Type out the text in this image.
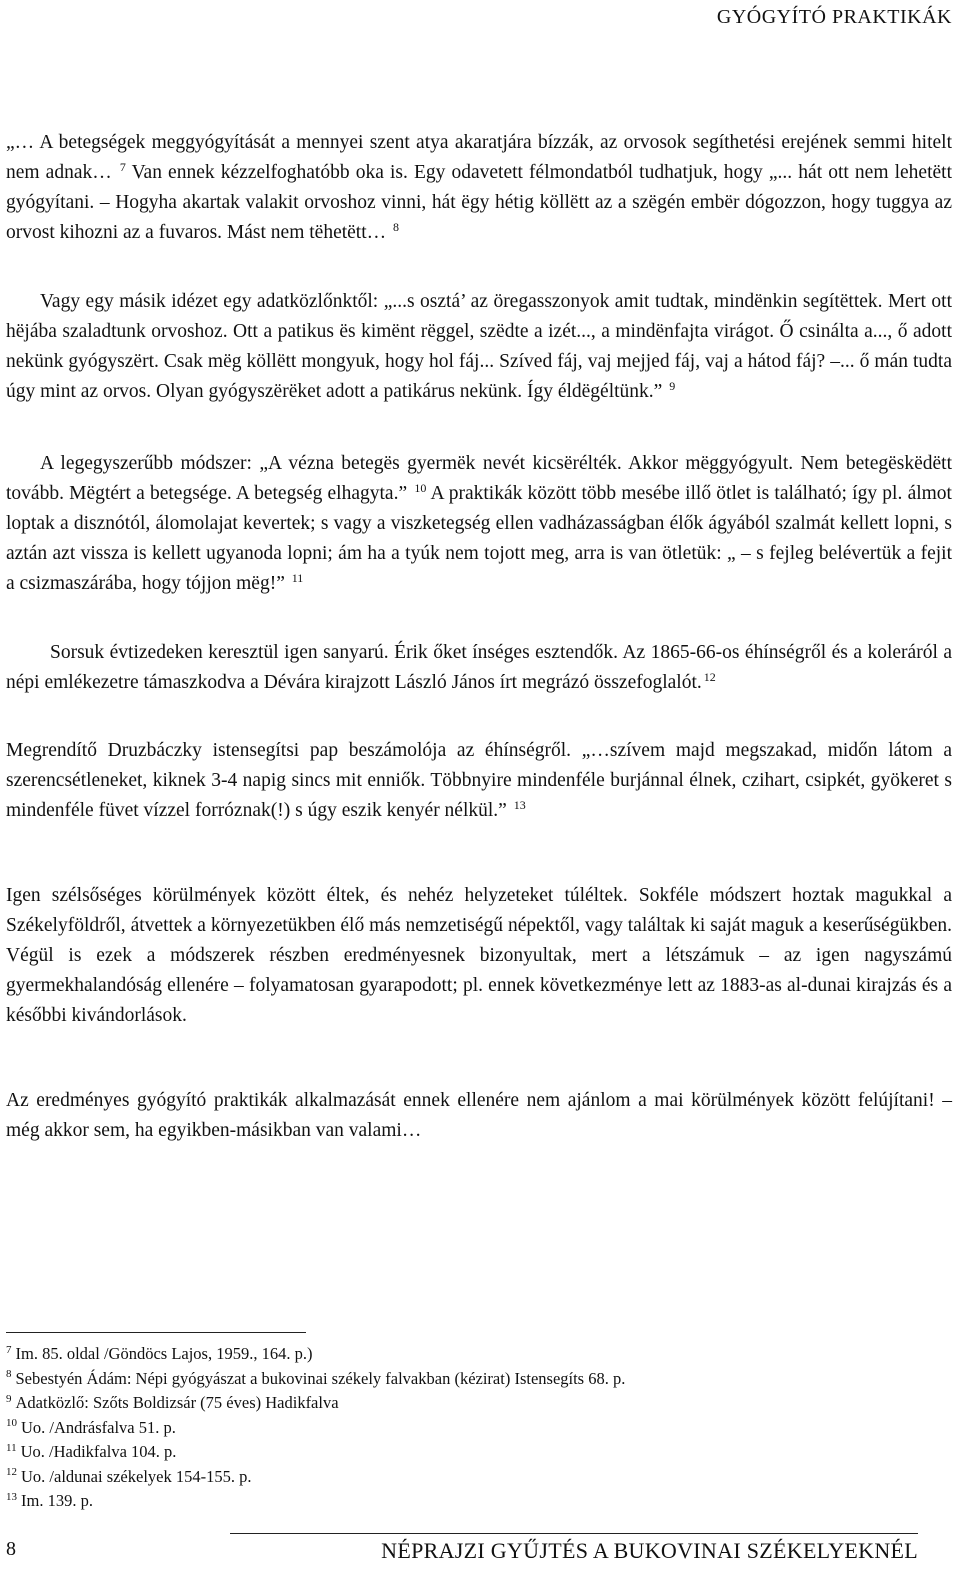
GYÓGYÍTÓ PRAKTIKÁK

„… A betegségek meggyógyítását a mennyei szent atya akaratjára bízzák, az orvosok segíthetési erejének semmi hitelt nem adnak… $^7$ Van ennek kézzelfoghatóbb oka is. Egy odavetett félmondatból tudhatjuk, hogy „... hát ott nem lehetëtt gyógyítani. – Hogyha akartak valakit orvoshoz vinni, hát ëgy hétig köllëtt az a szëgén embër dógozzon, hogy tuggya az orvost kihozni az a fuvaros. Mást nem tëhetëtt… $^8$

Vagy egy másik idézet egy adatközlőnktől: „...s osztá’ az öregasszonyok amit tudtak, mindënkin segítëttek. Mert ott hëjába szaladtunk orvoshoz. Ott a patikus ës kimënt rëggel, szëdte a izét..., a mindënfajta virágot. Ő csinálta a..., ő adott nekünk gyógyszërt. Csak mëg köllëtt mongyuk, hogy hol fáj... Szíved fáj, vaj mejjed fáj, vaj a hátod fáj? –... ő mán tudta úgy mint az orvos. Olyan gyógyszërëket adott a patikárus nekünk. Így éldëgéltünk.” $^9$

A legegyszerűbb módszer: „A vézna betegës gyermëk nevét kicsërélték. Akkor mëggyógyult. Nem betegëskëdëtt tovább. Mëgtért a betegsége. A betegség elhagyta.” $^{10}$ A praktikák között több mesébe illő ötlet is található; így pl. álmot loptak a disznótól, álomolajat kevertek; s vagy a viszketegség ellen vadházasságban élők ágyából szalmát kellett lopni, s aztán azt vissza is kellett ugyanoda lopni; ám ha a tyúk nem tojott meg, arra is van ötletük: „ – s fejleg belévertük a fejit a csizmaszárába, hogy tójjon mëg!” $^{11}$

Sorsuk évtizedeken keresztül igen sanyarú. Érik őket ínséges esztendők. Az 1865-66-os éhínségről és a koleráról a népi emlékezetre támaszkodva a Dévára kirajzott László János írt megrázó összefoglalót. $^{12}$

Megrendítő Druzbáczky istensegítsi pap beszámolója az éhínségről. „…szívem majd megszakad, midőn látom a szerencsétleneket, kiknek 3-4 napig sincs mit enniők. Többnyire mindenféle burjánnal élnek, czihart, csipkét, gyökeret s mindenféle füvet vízzel forróznak(!) s úgy eszik kenyér nélkül.” $^{13}$

Igen szélsőséges körülmények között éltek, és nehéz helyzeteket túléltek. Sokféle módszert hoztak magukkal a Székelyföldről, átvettek a környezetükben élő más nemzetiségű népektől, vagy találtak ki saját maguk a keserűségükben. Végül is ezek a módszerek részben eredményesnek bizonyultak, mert a létszámuk – az igen nagyszámú gyermekhalandóság ellenére – folyamatosan gyarapodott; pl. ennek következménye lett az 1883-as al-dunai kirajzás és a későbbi kivándorlások.

Az eredményes gyógyító praktikák alkalmazását ennek ellenére nem ajánlom a mai körülmények között felújítani! – még akkor sem, ha egyikben-másikban van valami…

$^7$ Im. 85. oldal /Göndöcs Lajos, 1959., 164. p.)
$^8$ Sebestyén Ádám: Népi gyógyászat a bukovinai székely falvakban (kézirat) Istensegíts 68. p.
$^9$ Adatközlő: Szőts Boldizsár (75 éves) Hadikfalva
$^{10}$ Uo. /Andrásfalva 51. p.
$^{11}$ Uo. /Hadikfalva 104. p.
$^{12}$ Uo. /aldunai székelyek 154-155. p.
$^{13}$ Im. 139. p.
8	NÉPRAJZI GYŰJTÉS A BUKOVINAI SZÉKELYEKNÉL
